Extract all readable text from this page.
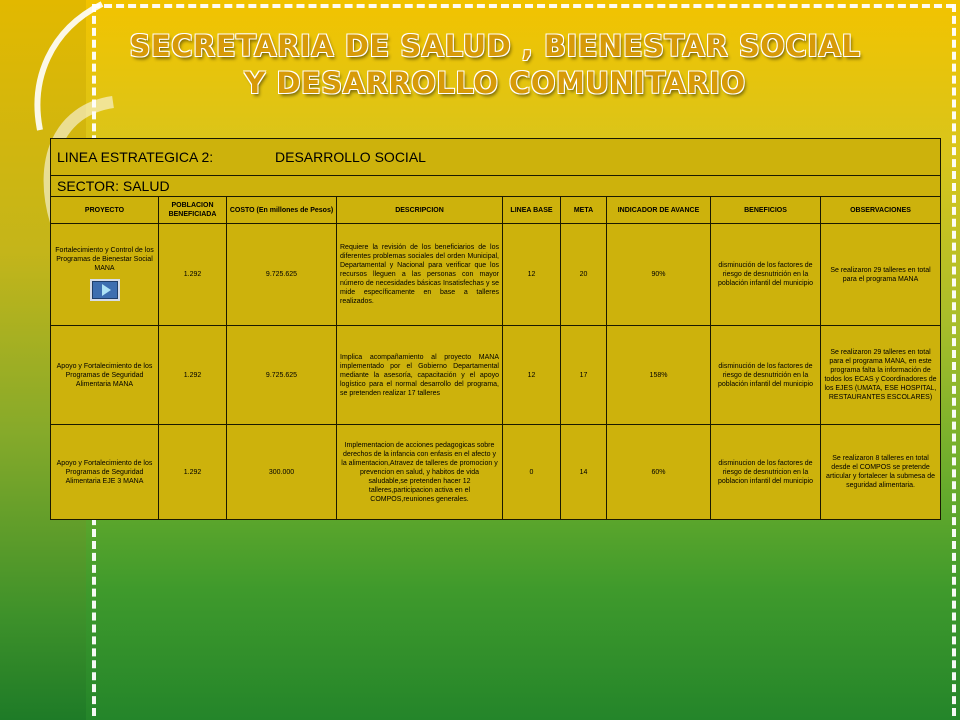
SECRETARIA DE SALUD , BIENESTAR SOCIAL
Y DESARROLLO COMUNITARIO
LINEA ESTRATEGICA 2: DESARROLLO SOCIAL								
SECTOR: SALUD								
PROYECTO	POBLACION BENEFICIADA	COSTO (En millones de Pesos)	DESCRIPCION	LINEA BASE	META	INDICADOR DE AVANCE	BENEFICIOS	OBSERVACIONES

Fortalecimiento y Control de los Programas de Bienestar Social MANA	1.292	9.725.625	Requiere la revisión de los beneficiarios de los diferentes problemas sociales del orden Municipal, Departamental y Nacional para verificar que los recursos lleguen a las personas con mayor número de necesidades básicas Insatisfechas y se mide específicamente en base a talleres realizados.	12	20	90%	disminución de los factores de riesgo de desnutrición en la población infantil del municipio	Se realizaron 29 talleres en total para el programa MANA
Apoyo y Fortalecimiento de los Programas de Seguridad Alimentaria MANA	1.292	9.725.625	Implica acompañamiento al proyecto MANA implementado por el Gobierno Departamental mediante la asesoría, capacitación y el apoyo logístico para el normal desarrollo del programa, se pretenden realizar 17 talleres	12	17	158%	disminución de los factores de riesgo de desnutrición en la población infantil del municipio	Se realizaron 29 talleres en total para el programa MANA, en este programa falta la información de todos los ECAS y Coordinadores de los EJES (UMATA, ESE HOSPITAL, RESTAURANTES ESCOLARES)
Apoyo y Fortalecimiento de los Programas de Seguridad Alimentaria EJE 3 MANA	1.292	300.000	Implementacion de acciones pedagogicas sobre derechos de la infancia con enfasis en el afecto y la alimentacion,Atravez de talleres de promocion y prevencion en salud, y habitos de vida saludable,se pretenden hacer 12 talleres,participacion activa en el COMPOS,reuniones generales.	0	14	60%	disminucion de los factores de riesgo de desnutricion en la poblacion infantil del municipio	Se realizaron 8 talleres en total desde el COMPOS se pretende articular y fortalecer la submesa de seguridad alimentaria.
